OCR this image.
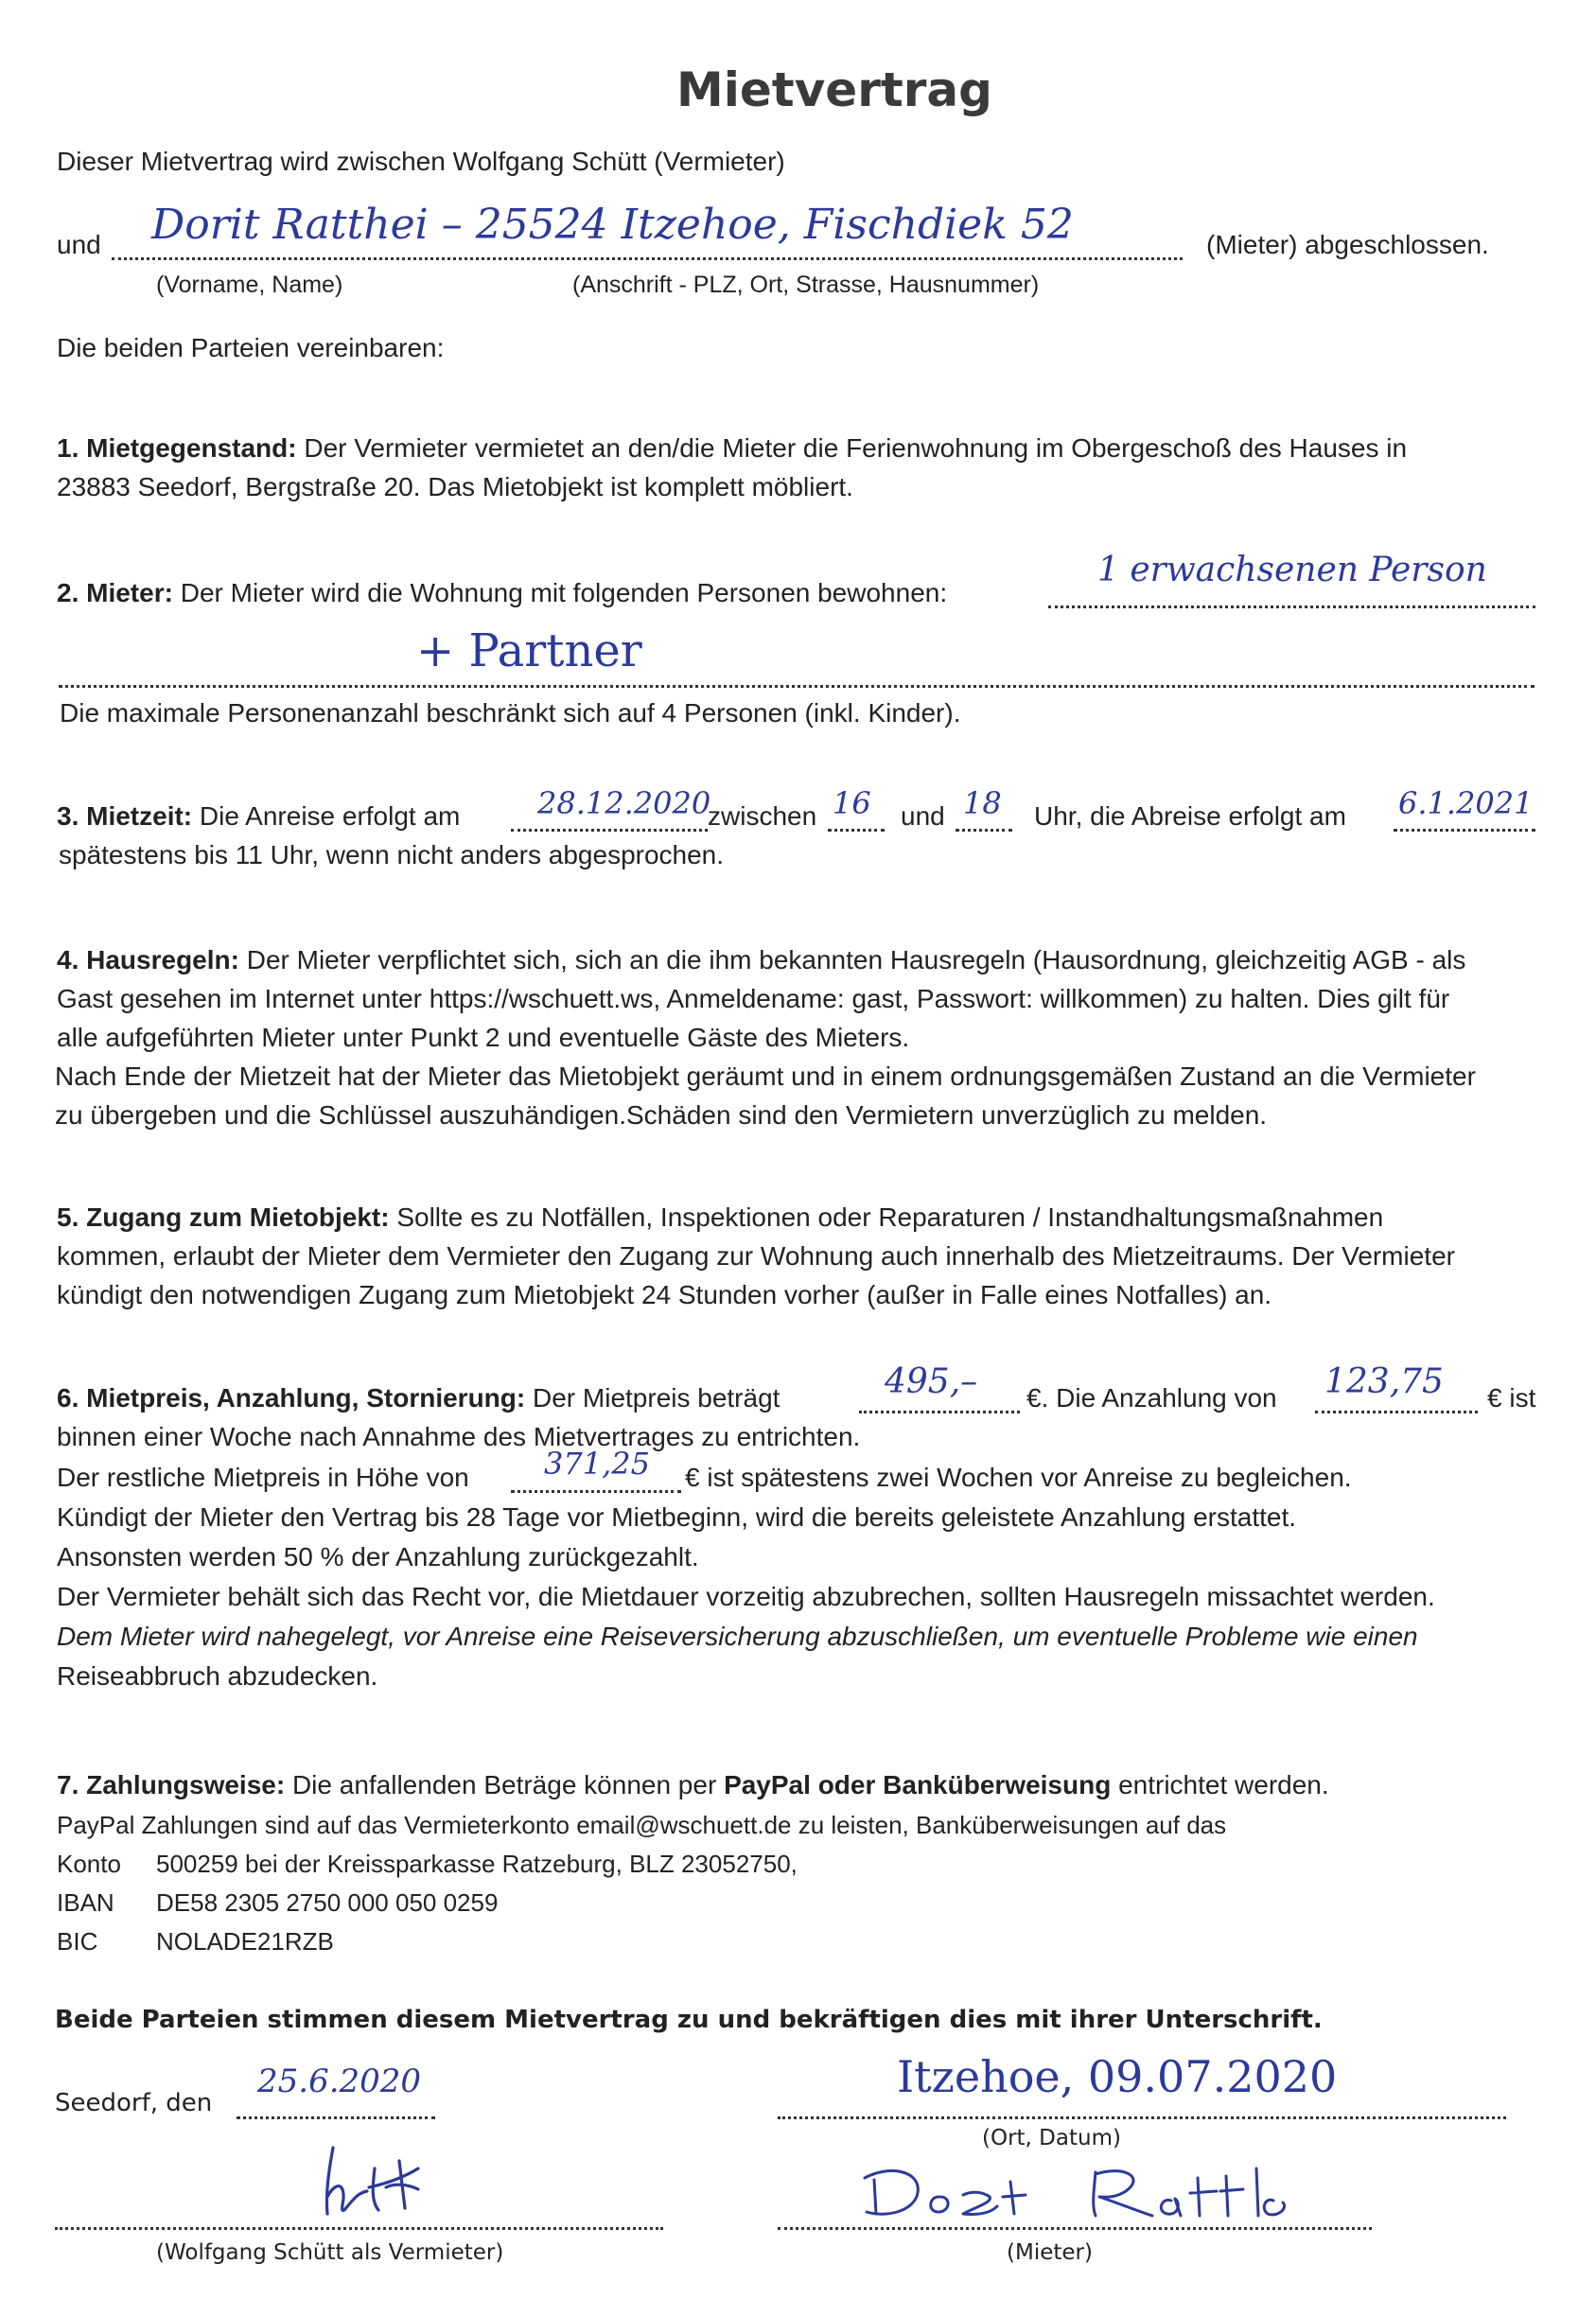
Mietvertrag
Dieser Mietvertrag wird zwischen Wolfgang Schütt (Vermieter)
und Dorit Ratthei – 25524 Itzehoe, Fischdiek 52	(Mieter) abgeschlossen.
(Vorname, Name)	(Anschrift - PLZ, Ort, Strasse, Hausnummer)
Die beiden Parteien vereinbaren:
1. Mietgegenstand: Der Vermieter vermietet an den/die Mieter die Ferienwohnung im Obergeschoß des Hauses in
23883 Seedorf, Bergstraße 20. Das Mietobjekt ist komplett möbliert.
2. Mieter: Der Mieter wird die Wohnung mit folgenden Personen bewohnen:
1 erwachsenen Person
+ Partner
Die maximale Personenanzahl beschränkt sich auf 4 Personen (inkl. Kinder).
3. Mietzeit: Die Anreise erfolgt am	28.12.2020
zwischen 16 und 18 Uhr, die Abreise erfolgt am 6.1.2021
spätestens bis 11 Uhr, wenn nicht anders abgesprochen.
4. Hausregeln: Der Mieter verpflichtet sich, sich an die ihm bekannten Hausregeln (Hausordnung, gleichzeitig AGB - als
Gast gesehen im Internet unter https://wschuett.ws, Anmeldename: gast, Passwort: willkommen) zu halten. Dies gilt für
alle aufgeführten Mieter unter Punkt 2 und eventuelle Gäste des Mieters.
Nach Ende der Mietzeit hat der Mieter das Mietobjekt geräumt und in einem ordnungsgemäßen Zustand an die Vermieter
zu übergeben und die Schlüssel auszuhändigen.Schäden sind den Vermietern unverzüglich zu melden.
5. Zugang zum Mietobjekt: Sollte es zu Notfällen, Inspektionen oder Reparaturen / Instandhaltungsmaßnahmen
kommen, erlaubt der Mieter dem Vermieter den Zugang zur Wohnung auch innerhalb des Mietzeitraums. Der Vermieter
kündigt den notwendigen Zugang zum Mietobjekt 24 Stunden vorher (außer in Falle eines Notfalles) an.
6. Mietpreis, Anzahlung, Stornierung: Der Mietpreis beträgt	495,– €. Die Anzahlung von 123,75 € ist
binnen einer Woche nach Annahme des Mietvertrages zu entrichten.
Der restliche Mietpreis in Höhe von 371,25 € ist spätestens zwei Wochen vor Anreise zu begleichen.
Kündigt der Mieter den Vertrag bis 28 Tage vor Mietbeginn, wird die bereits geleistete Anzahlung erstattet.
Ansonsten werden 50 % der Anzahlung zurückgezahlt.
Der Vermieter behält sich das Recht vor, die Mietdauer vorzeitig abzubrechen, sollten Hausregeln missachtet werden.
Dem Mieter wird nahegelegt, vor Anreise eine Reiseversicherung abzuschließen, um eventuelle Probleme wie einen
Reiseabbruch abzudecken.
7. Zahlungsweise: Die anfallenden Beträge können per PayPal oder Banküberweisung entrichtet werden.
PayPal Zahlungen sind auf das Vermieterkonto email@wschuett.de zu leisten, Banküberweisungen auf das
Konto 500259 bei der Kreissparkasse Ratzeburg, BLZ 23052750,
IBAN DE58 2305 2750 000 050 0259
BIC NOLADE21RZB
Beide Parteien stimmen diesem Mietvertrag zu und bekräftigen dies mit ihrer Unterschrift.
Seedorf, den
25.6.2020	Itzehoe, 09.07.2020
(Ort, Datum)
(Wolfgang Schütt als Vermieter)	(Mieter)
